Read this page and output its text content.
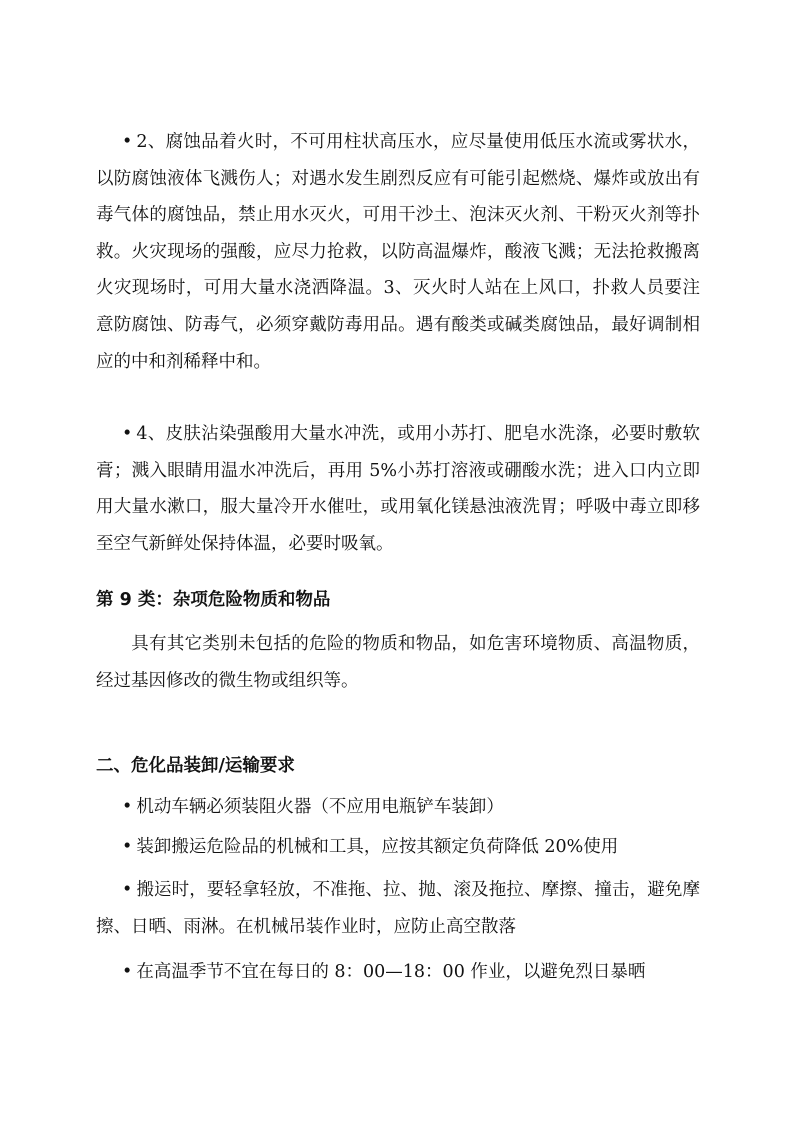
• 2、腐蚀品着火时，不可用柱状高压水，应尽量使用低压水流或雾状水，以防腐蚀液体飞溅伤人；对遇水发生剧烈反应有可能引起燃烧、爆炸或放出有毒气体的腐蚀品，禁止用水灭火，可用干沙土、泡沫灭火剂、干粉灭火剂等扑救。火灾现场的强酸，应尽力抢救，以防高温爆炸，酸液飞溅；无法抢救搬离火灾现场时，可用大量水浇洒降温。3、灭火时人站在上风口，扑救人员要注意防腐蚀、防毒气，必须穿戴防毒用品。遇有酸类或碱类腐蚀品，最好调制相应的中和剂稀释中和。

• 4、皮肤沾染强酸用大量水冲洗，或用小苏打、肥皂水洗涤，必要时敷软膏；溅入眼睛用温水冲洗后，再用 5%小苏打溶液或硼酸水洗；进入口内立即用大量水漱口，服大量冷开水催吐，或用氧化镁悬浊液洗胃；呼吸中毒立即移至空气新鲜处保持体温，必要时吸氧。

第 9 类：杂项危险物质和物品

具有其它类别未包括的危险的物质和物品，如危害环境物质、高温物质，经过基因修改的微生物或组织等。

二、危化品装卸/运输要求

• 机动车辆必须装阻火器（不应用电瓶铲车装卸）

• 装卸搬运危险品的机械和工具，应按其额定负荷降低 20%使用

• 搬运时，要轻拿轻放，不准拖、拉、抛、滚及拖拉、摩擦、撞击，避免摩擦、日晒、雨淋。在机械吊装作业时，应防止高空散落

• 在高温季节不宜在每日的 8：00—18：00 作业，以避免烈日暴晒
